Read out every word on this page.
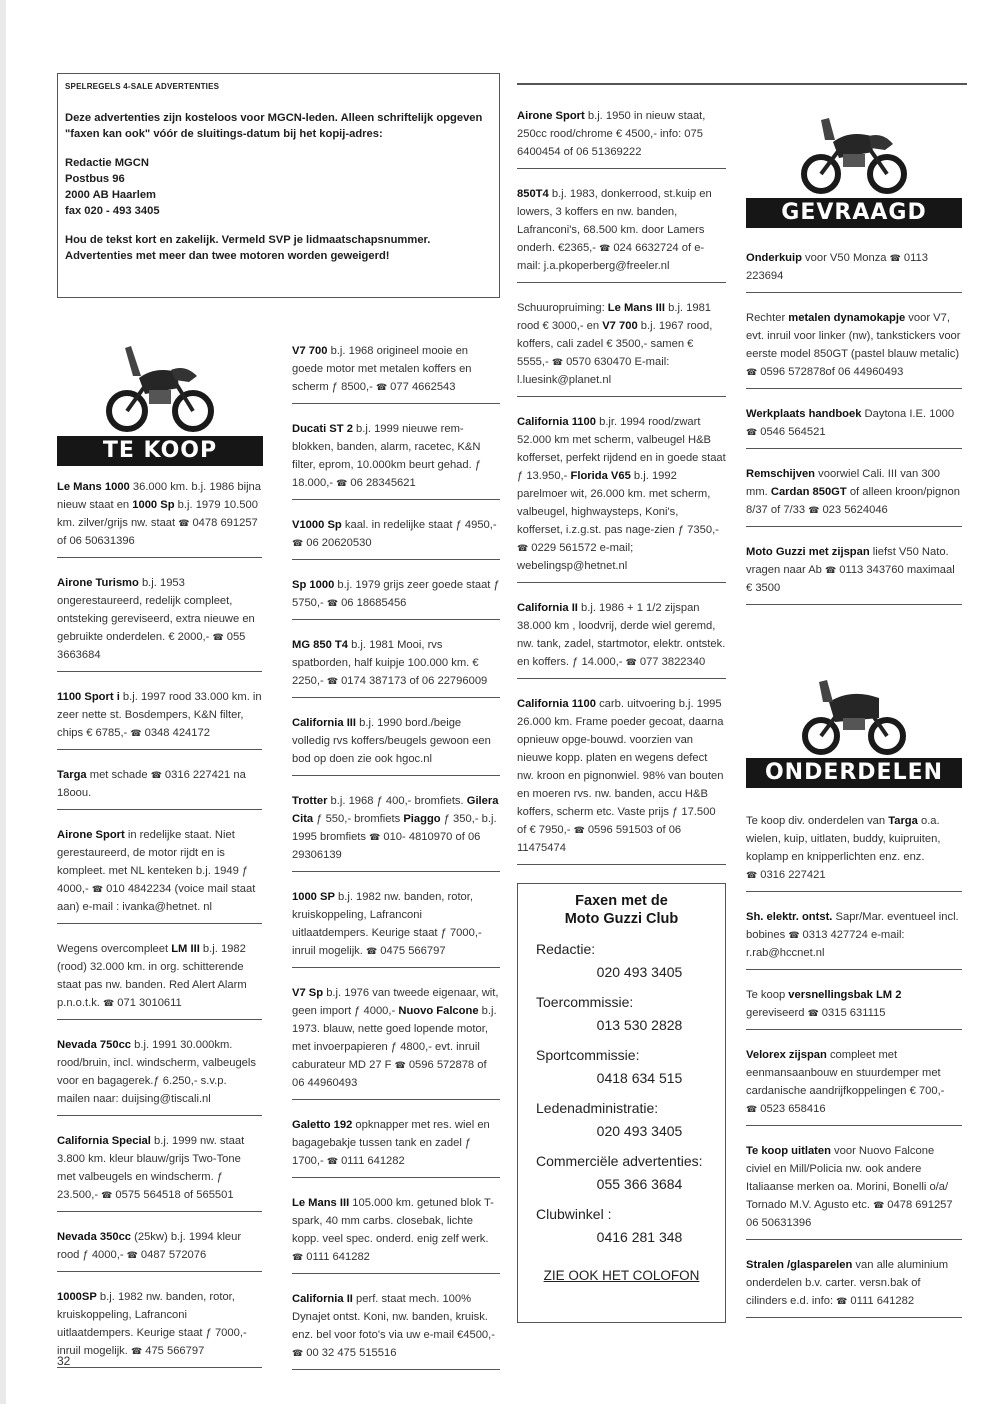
SPELREGELS 4-SALE ADVERTENTIES
Deze advertenties zijn kosteloos voor MGCN-leden. Alleen schriftelijk opgeven "faxen kan ook" vóór de sluitings-datum bij het kopij-adres:
Redactie MGCN
Postbus 96
2000 AB Haarlem
fax 020 - 493 3405
Hou de tekst kort en zakelijk. Vermeld SVP je lidmaatschapsnummer. Advertenties met meer dan twee motoren worden geweigerd!
TE KOOP
GEVRAAGD
ONDERDELEN
Le Mans 1000 36.000 km. b.j. 1986 bijna nieuw staat en 1000 Sp b.j. 1979 10.500 km. zilver/grijs nw. staat ☎ 0478 691257 of 06 50631396
Airone Turismo b.j. 1953 ongerestaureerd, redelijk compleet, ontsteking gereviseerd, extra nieuwe en gebruikte onderdelen. € 2000,- ☎ 055 3663684
1100 Sport i b.j. 1997 rood 33.000 km. in zeer nette st. Bosdempers, K&N filter, chips € 6785,- ☎ 0348 424172
Targa met schade ☎ 0316 227421 na 18oou.
Airone Sport in redelijke staat. Niet gerestaureerd, de motor rijdt en is kompleet. met NL kenteken b.j. 1949 ƒ 4000,- ☎ 010 4842234 (voice mail staat aan) e-mail : ivanka@hetnet. nl
Wegens overcompleet LM III b.j. 1982 (rood) 32.000 km. in org. schitterende staat pas nw. banden. Red Alert Alarm p.n.o.t.k. ☎ 071 3010611
Nevada 750cc b.j. 1991 30.000km. rood/bruin, incl. windscherm, valbeugels voor en bagagerek.ƒ 6.250,- s.v.p. mailen naar: duijsing@tiscali.nl
California Special b.j. 1999 nw. staat 3.800 km. kleur blauw/grijs Two-Tone met valbeugels en windscherm. ƒ 23.500,- ☎ 0575 564518 of 565501
Nevada 350cc (25kw) b.j. 1994 kleur rood ƒ 4000,- ☎ 0487 572076
1000SP b.j. 1982 nw. banden, rotor, kruiskoppeling, Lafranconi uitlaatdempers. Keurige staat ƒ 7000,- inruil mogelijk. ☎ 475 566797
V7 700 b.j. 1968 origineel mooie en goede motor met metalen koffers en scherm ƒ 8500,- ☎ 077 4662543
Ducati ST 2 b.j. 1999 nieuwe rem-blokken, banden, alarm, racetec, K&N filter, eprom, 10.000km beurt gehad. ƒ 18.000,- ☎ 06 28345621
V1000 Sp kaal. in redelijke staat ƒ 4950,- ☎ 06 20620530
Sp 1000 b.j. 1979 grijs zeer goede staat ƒ 5750,- ☎ 06 18685456
MG 850 T4 b.j. 1981 Mooi, rvs spatborden, half kuipje 100.000 km. € 2250,- ☎ 0174 387173 of 06 22796009
California III b.j. 1990 bord./beige volledig rvs koffers/beugels gewoon een bod op doen zie ook hgoc.nl
Trotter b.j. 1968 ƒ 400,- bromfiets. Gilera Cita ƒ 550,- bromfiets Piaggo ƒ 350,- b.j. 1995 bromfiets ☎ 010- 4810970 of 06 29306139
1000 SP b.j. 1982 nw. banden, rotor, kruiskoppeling, Lafranconi uitlaatdempers. Keurige staat ƒ 7000,- inruil mogelijk. ☎ 0475 566797
V7 Sp b.j. 1976 van tweede eigenaar, wit, geen import ƒ 4000,- Nuovo Falcone b.j. 1973. blauw, nette goed lopende motor, met invoerpapieren ƒ 4800,- evt. inruil caburateur MD 27 F ☎ 0596 572878 of 06 44960493
Galetto 192 opknapper met res. wiel en bagagebakje tussen tank en zadel ƒ 1700,- ☎ 0111 641282
Le Mans III 105.000 km. getuned blok T-spark, 40 mm carbs. closebak, lichte kopp. veel spec. onderd. enig zelf werk. ☎ 0111 641282
California II perf. staat mech. 100% Dynajet ontst. Koni, nw. banden, kruisk. enz. bel voor foto's via uw e-mail €4500,- ☎ 00 32 475 515516
Airone Sport b.j. 1950 in nieuw staat, 250cc rood/chrome € 4500,- info: 075 6400454 of 06 51369222
850T4 b.j. 1983, donkerrood, st.kuip en lowers, 3 koffers en nw. banden, Lafranconi's, 68.500 km. door Lamers onderh. €2365,- ☎ 024 6632724 of e-mail: j.a.pkoperberg@freeler.nl
Schuuropruiming: Le Mans III b.j. 1981 rood € 3000,- en V7 700 b.j. 1967 rood, koffers, cali zadel € 3500,- samen € 5555,- ☎ 0570 630470 E-mail: l.luesink@planet.nl
California 1100 b.jr. 1994 rood/zwart 52.000 km met scherm, valbeugel H&B kofferset, perfekt rijdend en in goede staat ƒ 13.950,- Florida V65 b.j. 1992 parelmoer wit, 26.000 km. met scherm, valbeugel, highwaysteps, Koni's, kofferset, i.z.g.st. pas nage-zien ƒ 7350,- ☎ 0229 561572 e-mail; webelingsp@hetnet.nl
California II b.j. 1986 + 1 1/2 zijspan 38.000 km , loodvrij, derde wiel geremd, nw. tank, zadel, startmotor, elektr. ontstek. en koffers. ƒ 14.000,- ☎ 077 3822340
California 1100 carb. uitvoering b.j. 1995 26.000 km. Frame poeder gecoat, daarna opnieuw opge-bouwd. voorzien van nieuwe kopp. platen en wegens defect nw. kroon en pignonwiel. 98% van bouten en moeren rvs. nw. banden, accu H&B koffers, scherm etc. Vaste prijs ƒ 17.500 of € 7950,- ☎ 0596 591503 of 06 11475474
Onderkuip voor V50 Monza ☎ 0113 223694
Rechter metalen dynamokapje voor V7, evt. inruil voor linker (nw), tankstickers voor eerste model 850GT (pastel blauw metalic) ☎ 0596 572878of 06 44960493
Werkplaats handboek Daytona I.E. 1000 ☎ 0546 564521
Remschijven voorwiel Cali. III van 300 mm. Cardan 850GT of alleen kroon/pignon 8/37 of 7/33 ☎ 023 5624046
Moto Guzzi met zijspan liefst V50 Nato. vragen naar Ab ☎ 0113 343760 maximaal € 3500
Te koop div. onderdelen van Targa o.a. wielen, kuip, uitlaten, buddy, kuipruiten, koplamp en knipperlichten enz. enz. ☎ 0316 227421
Sh. elektr. ontst. Sapr/Mar. eventueel incl. bobines ☎ 0313 427724 e-mail: r.rab@hccnet.nl
Te koop versnellingsbak LM 2 gereviseerd ☎ 0315 631115
Velorex zijspan compleet met eenmansaanbouw en stuurdemper met cardanische aandrijfkoppelingen € 700,- ☎ 0523 658416
Te koop uitlaten voor Nuovo Falcone civiel en Mill/Policia nw. ook andere Italiaanse merken oa. Morini, Bonelli o/a/ Tornado M.V. Agusto etc. ☎ 0478 691257 06 50631396
Stralen /glasparelen van alle aluminium onderdelen b.v. carter. versn.bak of cilinders e.d. info: ☎ 0111 641282
Faxen met de
Moto Guzzi Club
Redactie:
020 493 3405
Toercommissie:
013 530 2828
Sportcommissie:
0418 634 515
Ledenadministratie:
020 493 3405
Commerciële advertenties:
055 366 3684
Clubwinkel :
0416 281 348
ZIE OOK HET COLOFON
32
